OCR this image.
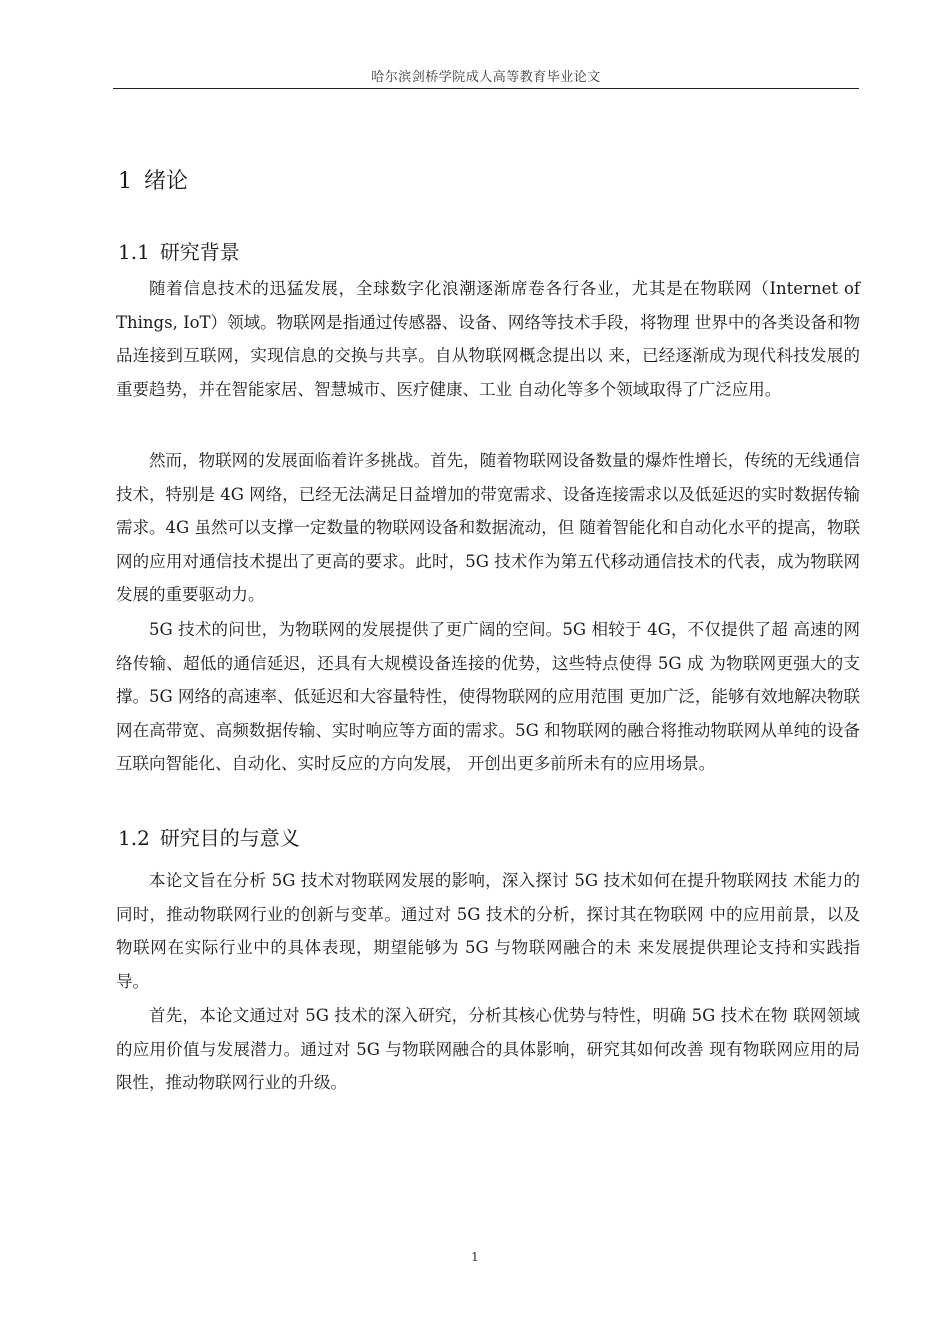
哈尔滨剑桥学院成人高等教育毕业论文
1 绪论
1.1 研究背景

随着信息技术的迅猛发展，全球数字化浪潮逐渐席卷各行各业，尤其是在物联网（Internet of Things, IoT）领域。物联网是指通过传感器、设备、网络等技术手段，将物理 世界中的各类设备和物品连接到互联网，实现信息的交换与共享。自从物联网概念提出以 来，已经逐渐成为现代科技发展的重要趋势，并在智能家居、智慧城市、医疗健康、工业 自动化等多个领域取得了广泛应用。

然而，物联网的发展面临着许多挑战。首先，随着物联网设备数量的爆炸性增长，传统的无线通信技术，特别是 4G 网络，已经无法满足日益增加的带宽需求、设备连接需求以及低延迟的实时数据传输需求。4G 虽然可以支撑一定数量的物联网设备和数据流动，但 随着智能化和自动化水平的提高，物联网的应用对通信技术提出了更高的要求。此时，5G 技术作为第五代移动通信技术的代表，成为物联网发展的重要驱动力。

5G 技术的问世，为物联网的发展提供了更广阔的空间。5G 相较于 4G，不仅提供了超 高速的网络传输、超低的通信延迟，还具有大规模设备连接的优势，这些特点使得 5G 成 为物联网更强大的支撑。5G 网络的高速率、低延迟和大容量特性，使得物联网的应用范围 更加广泛，能够有效地解决物联网在高带宽、高频数据传输、实时响应等方面的需求。5G 和物联网的融合将推动物联网从单纯的设备互联向智能化、自动化、实时反应的方向发展， 开创出更多前所未有的应用场景。

1.2 研究目的与意义

本论文旨在分析 5G 技术对物联网发展的影响，深入探讨 5G 技术如何在提升物联网技 术能力的同时，推动物联网行业的创新与变革。通过对 5G 技术的分析，探讨其在物联网 中的应用前景，以及物联网在实际行业中的具体表现，期望能够为 5G 与物联网融合的未 来发展提供理论支持和实践指导。

首先，本论文通过对 5G 技术的深入研究，分析其核心优势与特性，明确 5G 技术在物 联网领域的应用价值与发展潜力。通过对 5G 与物联网融合的具体影响，研究其如何改善 现有物联网应用的局限性，推动物联网行业的升级。

1
